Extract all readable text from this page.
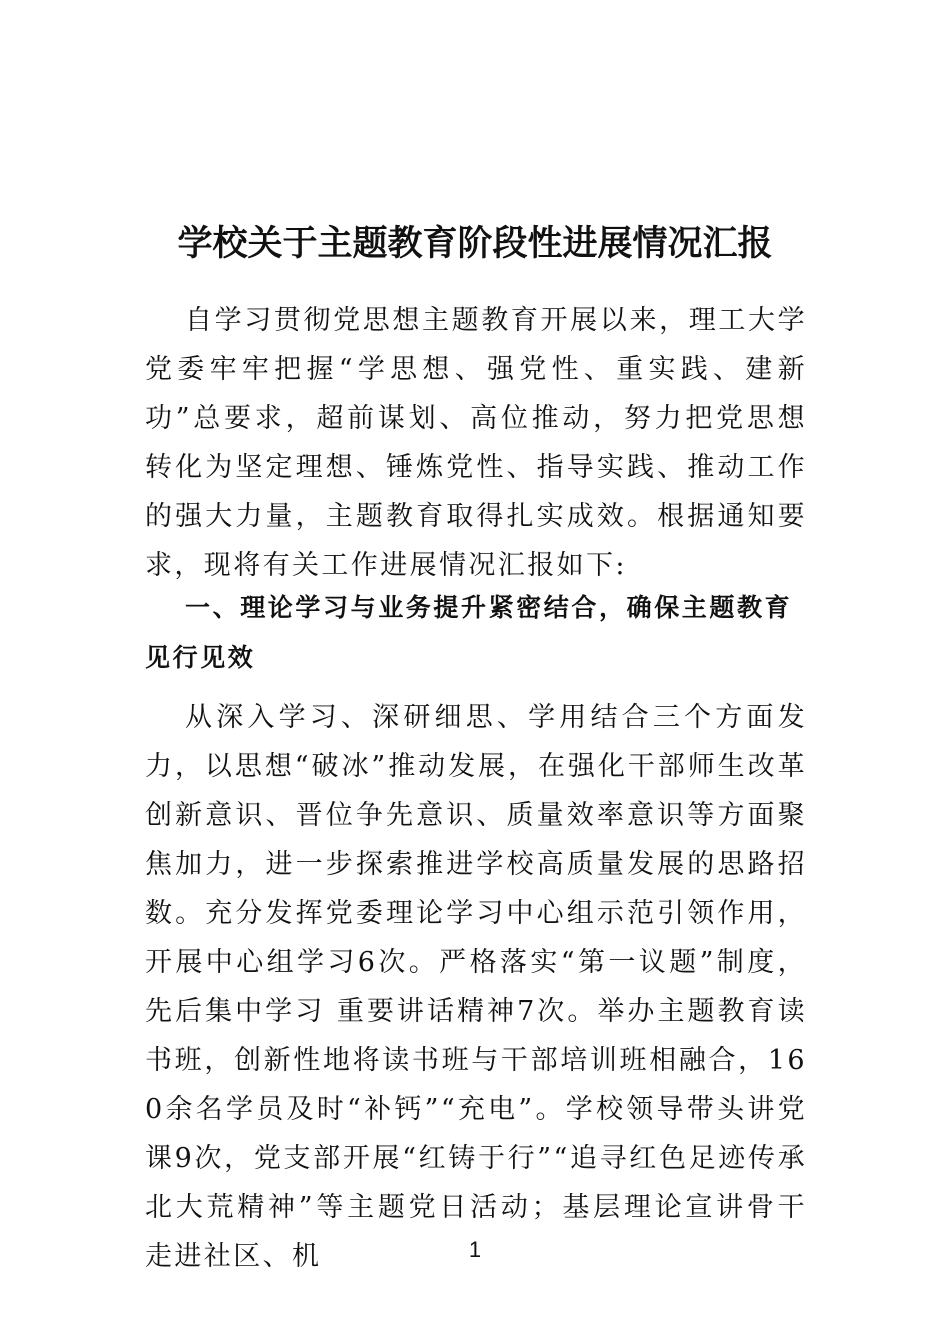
学校关于主题教育阶段性进展情况汇报

自学习贯彻党思想主题教育开展以来，理工大学党委牢牢把握“学思想、强党性、重实践、建新功”总要求，超前谋划、高位推动，努力把党思想转化为坚定理想、锤炼党性、指导实践、推动工作的强大力量，主题教育取得扎实成效。根据通知要求，现将有关工作进展情况汇报如下:

一、理论学习与业务提升紧密结合，确保主题教育见行见效

从深入学习、深研细思、学用结合三个方面发力，以思想“破冰”推动发展，在强化干部师生改革创新意识、晋位争先意识、质量效率意识等方面聚焦加力，进一步探索推进学校高质量发展的思路招数。充分发挥党委理论学习中心组示范引领作用，开展中心组学习6次。严格落实“第一议题”制度，先后集中学习 重要讲话精神7次。举办主题教育读书班，创新性地将读书班与干部培训班相融合，160余名学员及时“补钙”“充电”。学校领导带头讲党课9次，党支部开展“红铸于行”“追寻红色足迹传承北大荒精神”等主题党日活动；基层理论宣讲骨干走进社区、机	1
